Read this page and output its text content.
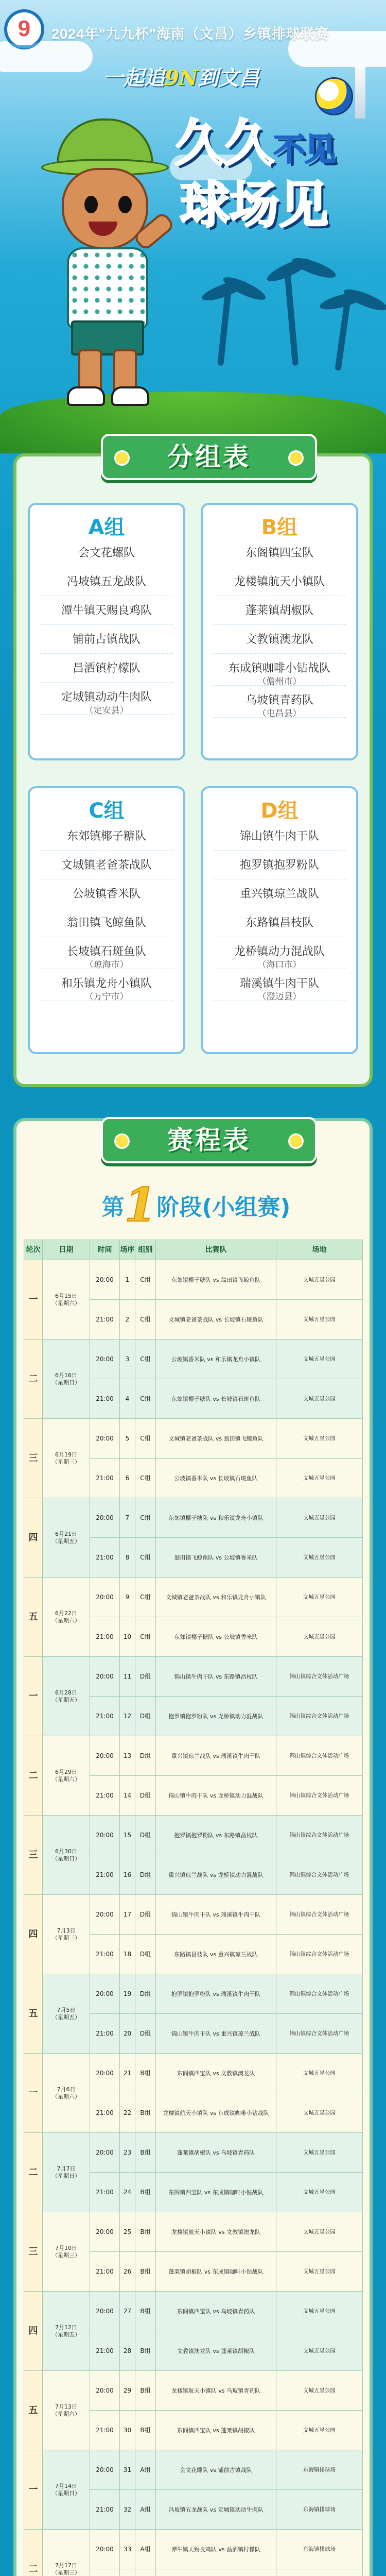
9	2024年"九九杯"海南（文昌）乡镇排球联赛
一起追9N到文昌
久久不见
球场见
分组表
A组
会文花螺队
冯坡镇五龙战队
潭牛镇天赐良鸡队
铺前古镇战队
昌洒镇柠檬队
定城镇动动牛肉队
（定安县）
B组
东阁镇四宝队
龙楼镇航天小镇队
蓬莱镇胡椒队
文教镇澳龙队
东成镇咖啡小钻战队
（儋州市）
乌坡镇青药队
（屯昌县）
C组
东郊镇椰子糖队
文城镇老爸茶战队
公坡镇香米队
翁田镇飞鲸鱼队
长坡镇石斑鱼队
（琼海市）
和乐镇龙舟小镇队
（万宁市）
D组
锦山镇牛肉干队
抱罗镇抱罗粉队
重兴镇琼兰战队
东路镇昌枝队
龙桥镇动力混战队
（海口市）
瑞溪镇牛肉干队
（澄迈县）
赛程表
第1阶段(小组赛)
轮次	日期	时间	场序	组别	比赛队	场地
一	6月15日
（星期六）	20:00	1	C组	东郊镇椰子糖队 vs 翁田镇飞鲸鱼队	文城五星公园
		21:00	2	C组	文城镇老爸茶战队 vs 长坡镇石斑鱼队	文城五星公园
二	6月16日
（星期日）	20:00	3	C组	公坡镇香米队 vs 和乐镇龙舟小镇队	文城五星公园
		21:00	4	C组	东郊镇椰子糖队 vs 长坡镇石斑鱼队	文城五星公园
三	6月19日
（星期三）	20:00	5	C组	文城镇老爸茶战队 vs 翁田镇飞鲸鱼队	文城五星公园
		21:00	6	C组	公坡镇香米队 vs 长坡镇石斑鱼队	文城五星公园
四	6月21日
（星期五）	20:00	7	C组	东郊镇椰子糖队 vs 和乐镇龙舟小镇队	文城五星公园
		21:00	8	C组	翁田镇飞鲸鱼队 vs 公坡镇香米队	文城五星公园
五	6月22日
（星期六）	20:00	9	C组	文城镇老爸茶战队 vs 和乐镇龙舟小镇队	文城五星公园
		21:00	10	C组	东郊镇椰子糖队 vs 公坡镇香米队	文城五星公园
一	6月28日
（星期五）	20:00	11	D组	锦山镇牛肉干队 vs 东路镇昌枝队	锦山镇综合文体活动广场
		21:00	12	D组	抱罗镇抱罗粉队 vs 龙桥镇动力混战队	锦山镇综合文体活动广场
二	6月29日
（星期六）	20:00	13	D组	重兴镇琼兰战队 vs 瑞溪镇牛肉干队	锦山镇综合文体活动广场
		21:00	14	D组	锦山镇牛肉干队 vs 龙桥镇动力混战队	锦山镇综合文体活动广场
三	6月30日
（星期日）	20:00	15	D组	抱罗镇抱罗粉队 vs 东路镇昌枝队	锦山镇综合文体活动广场
		21:00	16	D组	重兴镇琼兰战队 vs 龙桥镇动力混战队	锦山镇综合文体活动广场
四	7月3日
（星期三）	20:00	17	D组	锦山镇牛肉干队 vs 瑞溪镇牛肉干队	锦山镇综合文体活动广场
		21:00	18	D组	东路镇昌枝队 vs 重兴镇琼兰战队	锦山镇综合文体活动广场
五	7月5日
（星期五）	20:00	19	D组	抱罗镇抱罗粉队 vs 瑞溪镇牛肉干队	锦山镇综合文体活动广场
		21:00	20	D组	锦山镇牛肉干队 vs 重兴镇琼兰战队	锦山镇综合文体活动广场
一	7月6日
（星期六）	20:00	21	B组	东阁镇四宝队 vs 文教镇澳龙队	文城五星公园
		21:00	22	B组	龙楼镇航天小镇队 vs 东成镇咖啡小钻战队	文城五星公园
二	7月7日
（星期日）	20:00	23	B组	蓬莱镇胡椒队 vs 乌坡镇青药队	文城五星公园
		21:00	24	B组	东阁镇四宝队 vs 东成镇咖啡小钻战队	文城五星公园
三	7月10日
（星期三）	20:00	25	B组	龙楼镇航天小镇队 vs 文教镇澳龙队	文城五星公园
		21:00	26	B组	蓬莱镇胡椒队 vs 东成镇咖啡小钻战队	文城五星公园
四	7月12日
（星期五）	20:00	27	B组	东阁镇四宝队 vs 乌坡镇青药队	文城五星公园
		21:00	28	B组	文教镇澳龙队 vs 蓬莱镇胡椒队	文城五星公园
五	7月13日
（星期六）	20:00	29	B组	龙楼镇航天小镇队 vs 乌坡镇青药队	文城五星公园
		21:00	30	B组	东阁镇四宝队 vs 蓬莱镇胡椒队	文城五星公园
一	7月14日
（星期日）	20:00	31	A组	会文花螺队 vs 铺前古镇战队	东海镇排球场
		21:00	32	A组	冯坡镇五龙战队 vs 定城镇动动牛肉队	东海镇排球场
二	7月17日
（星期三）	20:00	33	A组	潭牛镇天赐良鸡队 vs 昌洒镇柠檬队	东海镇排球场
